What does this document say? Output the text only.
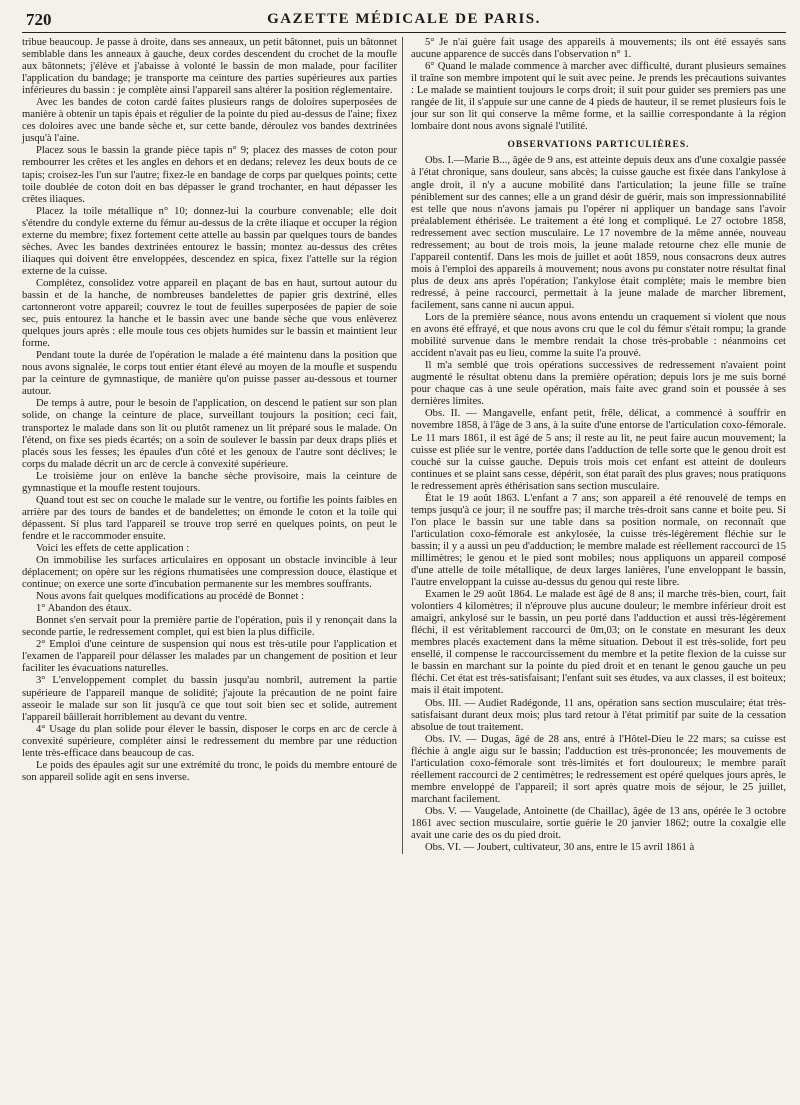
720	GAZETTE MÉDICALE DE PARIS.

tribue beaucoup. Je passe à droite, dans ses anneaux, un petit bâtonnet, puis un bâtonnet semblable dans les anneaux à gauche, deux cordes descendent du crochet de la moufle aux bâtonnets; j'élève et j'abaisse à volonté le bassin de mon malade, pour faciliter l'application du bandage; je transporte ma ceinture des parties supérieures aux parties inférieures du bassin : je complète ainsi l'appareil sans altérer la position réglementaire.

Avec les bandes de coton cardé faites plusieurs rangs de doloires superposées de manière à obtenir un tapis épais et régulier de la pointe du pied au-dessus de l'aine; fixez ces doloires avec une bande sèche et, sur cette bande, déroulez vos bandes dextrinées jusqu'à l'aine.

Placez sous le bassin la grande pièce tapis n° 9; placez des masses de coton pour rembourrer les crêtes et les angles en dehors et en dedans; relevez les deux bouts de ce tapis; croisez-les l'un sur l'autre; fixez-le en bandage de corps par quelques points; cette toile doublée de coton doit en bas dépasser le grand trochanter, en haut dépasser les crêtes iliaques.

Placez la toile métallique n° 10; donnez-lui la courbure convenable; elle doit s'étendre du condyle externe du fémur au-dessus de la crête iliaque et occuper la région externe du membre; fixez fortement cette attelle au bassin par quelques tours de bandes sèches. Avec les bandes dextrinées entourez le bassin; montez au-dessus des crêtes iliaques qui doivent être enveloppées, descendez en spica, fixez l'attelle sur la région externe de la cuisse.

Complétez, consolidez votre appareil en plaçant de bas en haut, surtout autour du bassin et de la hanche, de nombreuses bandelettes de papier gris dextriné, elles cartonneront votre appareil; couvrez le tout de feuilles superposées de papier de soie sec, puis entourez la hanche et le bassin avec une bande sèche que vous enlèverez quelques jours après : elle moule tous ces objets humides sur le bassin et maintient leur forme.

Pendant toute la durée de l'opération le malade a été maintenu dans la position que nous avons signalée, le corps tout entier étant élevé au moyen de la moufle et suspendu par la ceinture de gymnastique, de manière qu'on puisse passer au-dessous et tourner autour.

De temps à autre, pour le besoin de l'application, on descend le patient sur son plan solide, on change la ceinture de place, surveillant toujours la position; ceci fait, transportez le malade dans son lit ou plutôt ramenez un lit préparé sous le malade. On l'étend, on fixe ses pieds écartés; on a soin de soulever le bassin par deux draps pliés et placés sous les fesses; les épaules d'un côté et les genoux de l'autre sont déclives; le corps du malade décrit un arc de cercle à convexité supérieure.

Le troisième jour on enlève la banche sèche provisoire, mais la ceinture de gymnastique et la moufle restent toujours.

Quand tout est sec on couche le malade sur le ventre, ou fortifie les points faibles en arrière par des tours de bandes et de bandelettes; on émonde le coton et la toile qui dépassent. Si plus tard l'appareil se trouve trop serré en quelques points, on peut le fendre et le raccommoder ensuite.

Voici les effets de cette application :

On immobilise les surfaces articulaires en opposant un obstacle invincible à leur déplacement; on opère sur les régions rhumatisées une compression douce, élastique et continue; on exerce une sorte d'incubation permanente sur les membres souffrants.

Nous avons fait quelques modifications au procédé de Bonnet :

1° Abandon des étaux.

Bonnet s'en servait pour la première partie de l'opération, puis il y renonçait dans la seconde partie, le redressement complet, qui est bien la plus difficile.

2° Emploi d'une ceinture de suspension qui nous est très-utile pour l'application et l'examen de l'appareil pour délasser les malades par un changement de position et leur faciliter les évacuations naturelles.

3° L'enveloppement complet du bassin jusqu'au nombril, autrement la partie supérieure de l'appareil manque de solidité; j'ajoute la précaution de ne point faire asseoir le malade sur son lit jusqu'à ce que tout soit bien sec et solide, autrement l'appareil bâillerait horriblement au devant du ventre.

4° Usage du plan solide pour élever le bassin, disposer le corps en arc de cercle à convexité supérieure, compléter ainsi le redressement du membre par une réduction lente très-efficace dans beaucoup de cas.

Le poids des épaules agit sur une extrémité du tronc, le poids du membre entouré de son appareil solide agit en sens inverse.

5° Je n'ai guère fait usage des appareils à mouvements; ils ont été essayés sans aucune apparence de succès dans l'observation n° 1.

6° Quand le malade commence à marcher avec difficulté, durant plusieurs semaines il traîne son membre impotent qui le suit avec peine. Je prends les précautions suivantes : Le malade se maintient toujours le corps droit; il suit pour guider ses premiers pas une rangée de lit, il s'appuie sur une canne de 4 pieds de hauteur, il se remet plusieurs fois le jour sur son lit qui conserve la même forme, et la saillie correspondante à la région lombaire dont nous avons signalé l'utilité.

OBSERVATIONS PARTICULIÈRES.

Obs. I.—Marie B..., âgée de 9 ans, est atteinte depuis deux ans d'une coxalgie passée à l'état chronique, sans douleur, sans abcès; la cuisse gauche est fixée dans l'ankylose à angle droit, il n'y a aucune mobilité dans l'articulation; la jeune fille se traîne péniblement sur des cannes; elle a un grand désir de guérir, mais son impressionnabilité est telle que nous n'avons jamais pu l'opérer ni appliquer un bandage sans l'avoir préalablement éthérisée. Le traitement a été long et compliqué. Le 27 octobre 1858, redressement avec section musculaire. Le 17 novembre de la même année, nouveau redressement; au bout de trois mois, la jeune malade retourne chez elle munie de l'appareil contentif. Dans les mois de juillet et août 1859, nous consacrons deux autres mois à l'emploi des appareils à mouvement; nous avons pu constater notre résultat final plus de deux ans après l'opération; l'ankylose était complète; mais le membre bien redressé, à peine raccourci, permettait à la jeune malade de marcher librement, facilement, sans canne ni aucun appui.

Lors de la première séance, nous avons entendu un craquement si violent que nous en avons été effrayé, et que nous avons cru que le col du fémur s'était rompu; la grande mobilité survenue dans le membre rendait la chose très-probable : néanmoins cet accident n'avait pas eu lieu, comme la suite l'a prouvé.

Il m'a semblé que trois opérations successives de redressement n'avaient point augmenté le résultat obtenu dans la première opération; depuis lors je me suis borné pour chaque cas à une seule opération, mais faite avec grand soin et poussée à ses dernières limites.

Obs. II. — Mangavelle, enfant petit, frêle, délicat, a commencé à souffrir en novembre 1858, à l'âge de 3 ans, à la suite d'une entorse de l'articulation coxo-fémorale. Le 11 mars 1861, il est âgé de 5 ans; il reste au lit, ne peut faire aucun mouvement; la cuisse est pliée sur le ventre, portée dans l'adduction de telle sorte que le genou droit est couché sur la cuisse gauche. Depuis trois mois cet enfant est atteint de douleurs continues et se plaint sans cesse, dépérit, son état paraît des plus graves; nous pratiquons le redressement après éthérisation sans section musculaire.

État le 19 août 1863. L'enfant a 7 ans; son appareil a été renouvelé de temps en temps jusqu'à ce jour; il ne souffre pas; il marche très-droit sans canne et boite peu. Si l'on place le bassin sur une table dans sa position normale, on reconnaît que l'articulation coxo-fémorale est ankylosée, la cuisse très-légèrement fléchie sur le bassin; il y a aussi un peu d'adduction; le membre malade est réellement raccourci de 15 millimètres; le genou et le pied sont mobiles; nous appliquons un appareil composé d'une attelle de toile métallique, de deux larges lanières, l'une enveloppant le bassin, l'autre enveloppant la cuisse au-dessus du genou qui reste libre.

Examen le 29 août 1864. Le malade est âgé de 8 ans; il marche très-bien, court, fait volontiers 4 kilomètres; il n'éprouve plus aucune douleur; le membre inférieur droit est amaigri, ankylosé sur le bassin, un peu porté dans l'adduction et aussi très-légèrement fléchi, il est véritablement raccourci de 0m,03; on le constate en mesurant les deux membres placés exactement dans la même situation. Debout il est très-solide, fort peu ensellé, il compense le raccourcissement du membre et la petite flexion de la cuisse sur le bassin en marchant sur la pointe du pied droit et en tenant le genou gauche un peu fléchi. Cet état est très-satisfaisant; l'enfant suit ses études, va aux classes, il est boiteux; mais il était impotent.

Obs. III. — Audiet Radégonde, 11 ans, opération sans section musculaire; état très-satisfaisant durant deux mois; plus tard retour à l'état primitif par suite de la cessation absolue de tout traitement.

Obs. IV. — Dugas, âgé de 28 ans, entré à l'Hôtel-Dieu le 22 mars; sa cuisse est fléchie à angle aigu sur le bassin; l'adduction est très-prononcée; les mouvements de l'articulation coxo-fémorale sont très-limités et fort douloureux; le membre paraît réellement raccourci de 2 centimètres; le redressement est opéré quelques jours après, le membre enveloppé de l'appareil; il sort après quatre mois de séjour, le 25 juillet, marchant facilement.

Obs. V. — Vaugelade, Antoinette (de Chaillac), âgée de 13 ans, opérée le 3 octobre 1861 avec section musculaire, sortie guérie le 20 janvier 1862; outre la coxalgie elle avait une carie des os du pied droit.

Obs. VI. — Joubert, cultivateur, 30 ans, entre le 15 avril 1861 à
